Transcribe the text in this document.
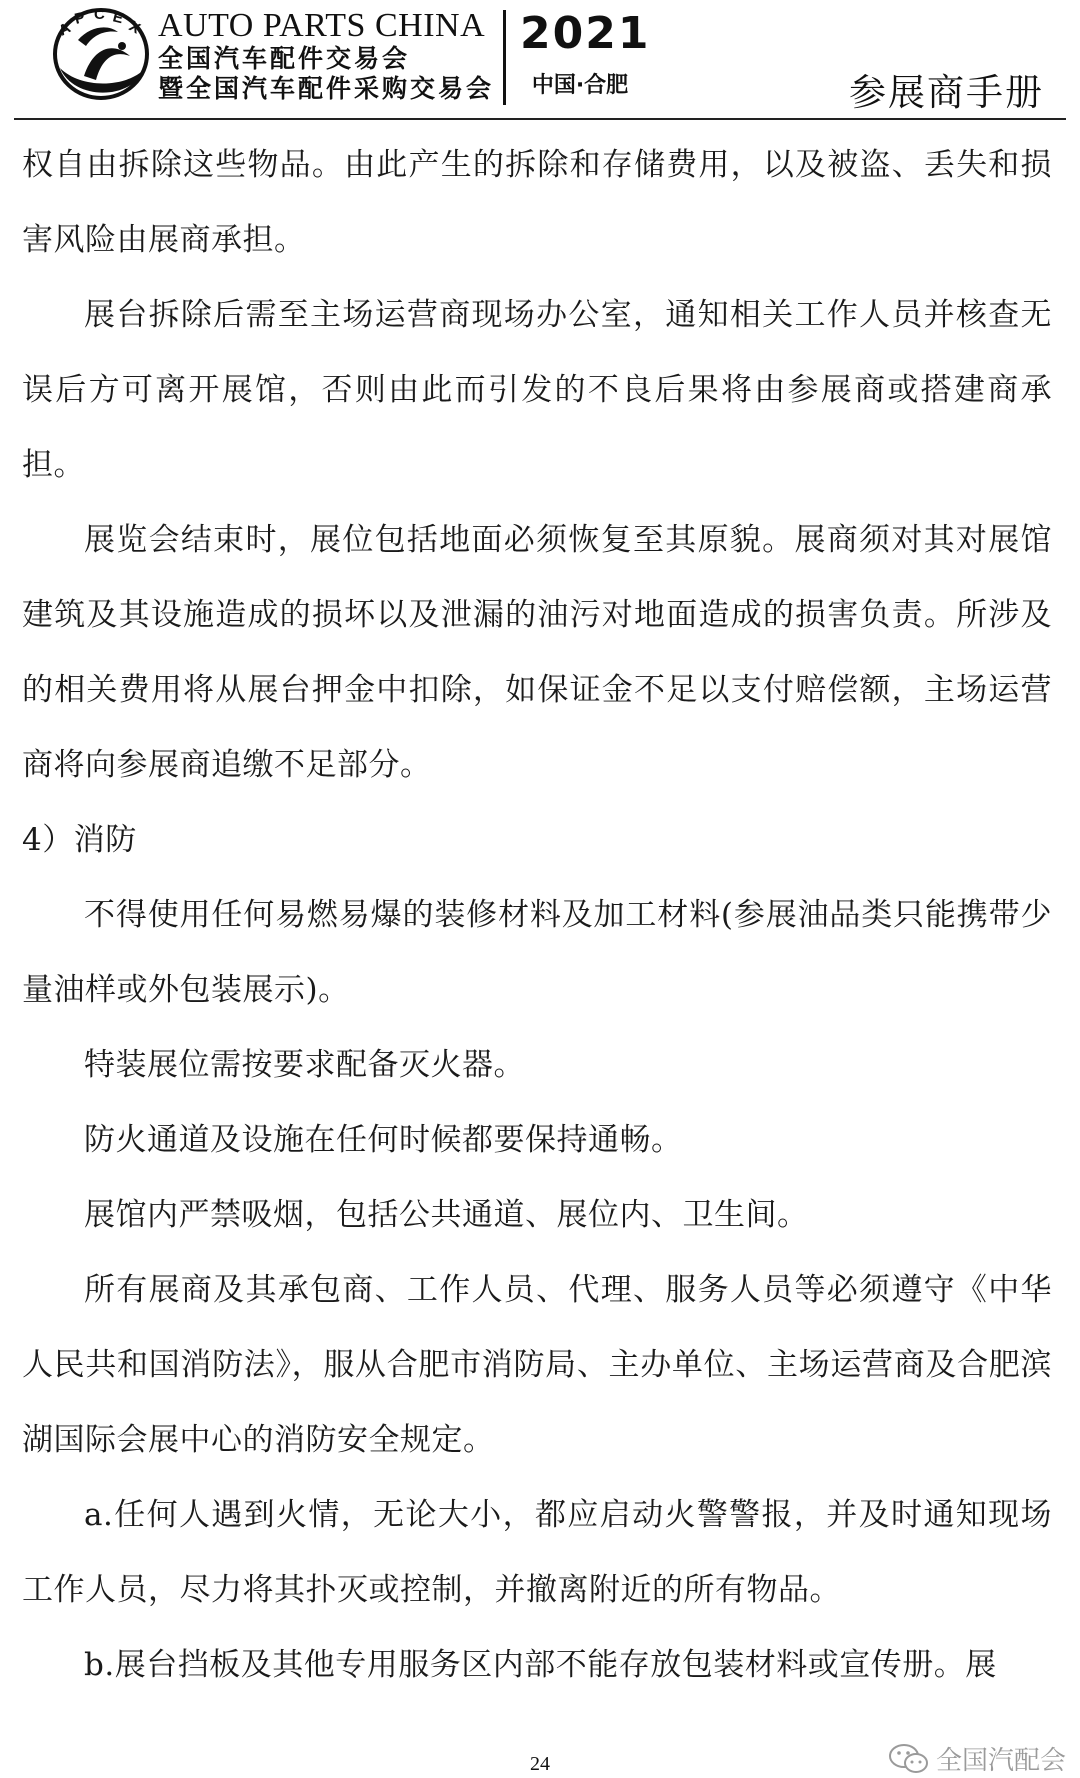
A
P C E X AUTO PARTS CHINA
全国汽车配件交易会
暨全国汽车配件采购交易会
2021
中国·合肥	参展商手册

权自由拆除这些物品。由此产生的拆除和存储费用，以及被盗、丢失和损害风险由展商承担。

展台拆除后需至主场运营商现场办公室，通知相关工作人员并核查无误后方可离开展馆，否则由此而引发的不良后果将由参展商或搭建商承担。

展览会结束时，展位包括地面必须恢复至其原貌。展商须对其对展馆建筑及其设施造成的损坏以及泄漏的油污对地面造成的损害负责。所涉及的相关费用将从展台押金中扣除，如保证金不足以支付赔偿额，主场运营商将向参展商追缴不足部分。

4）消防

不得使用任何易燃易爆的装修材料及加工材料(参展油品类只能携带少量油样或外包装展示)。

特装展位需按要求配备灭火器。

防火通道及设施在任何时候都要保持通畅。

展馆内严禁吸烟，包括公共通道、展位内、卫生间。

所有展商及其承包商、工作人员、代理、服务人员等必须遵守《中华人民共和国消防法》，服从合肥市消防局、主办单位、主场运营商及合肥滨湖国际会展中心的消防安全规定。

a.任何人遇到火情，无论大小，都应启动火警警报，并及时通知现场工作人员，尽力将其扑灭或控制，并撤离附近的所有物品。

b.展台挡板及其他专用服务区内部不能存放包装材料或宣传册。展

24	全国汽配会
